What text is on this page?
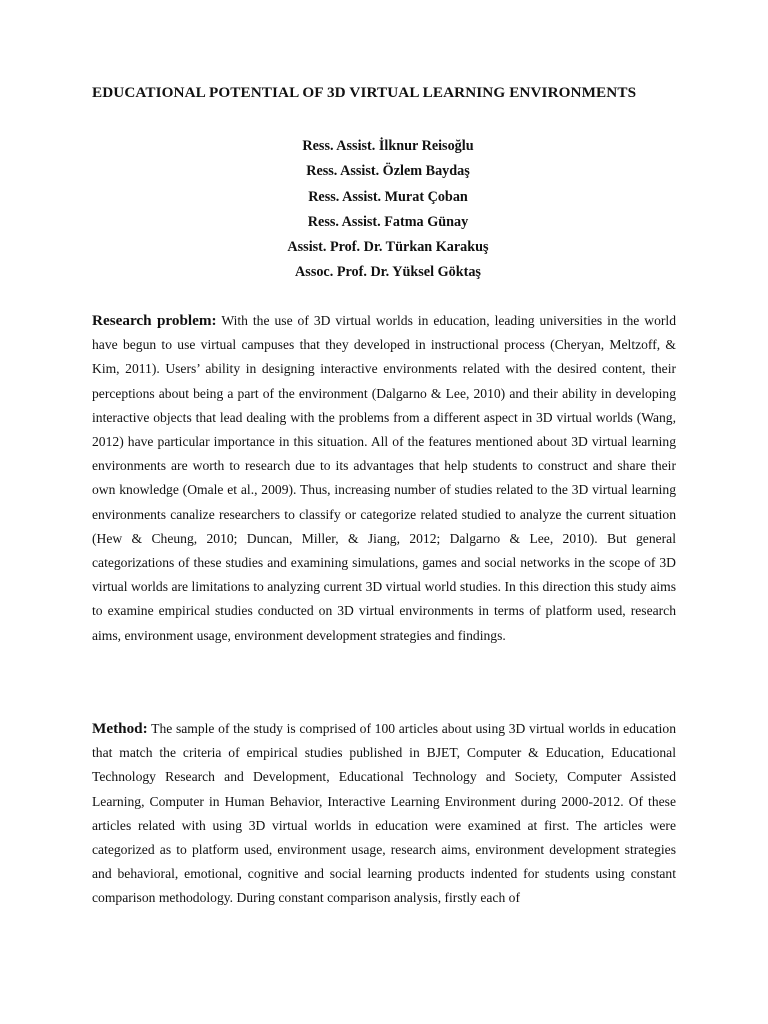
EDUCATIONAL POTENTIAL OF 3D VIRTUAL LEARNING ENVIRONMENTS
Ress. Assist. İlknur Reisoğlu
Ress. Assist. Özlem Baydaş
Ress. Assist. Murat Çoban
Ress. Assist. Fatma Günay
Assist. Prof. Dr. Türkan Karakuş
Assoc. Prof. Dr. Yüksel Göktaş

Research problem: With the use of 3D virtual worlds in education, leading universities in the world have begun to use virtual campuses that they developed in instructional process (Cheryan, Meltzoff, & Kim, 2011). Users’ ability in designing interactive environments related with the desired content, their perceptions about being a part of the environment (Dalgarno & Lee, 2010) and their ability in developing interactive objects that lead dealing with the problems from a different aspect in 3D virtual worlds (Wang, 2012) have particular importance in this situation. All of the features mentioned about 3D virtual learning environments are worth to research due to its advantages that help students to construct and share their own knowledge (Omale et al., 2009). Thus, increasing number of studies related to the 3D virtual learning environments canalize researchers to classify or categorize related studied to analyze the current situation (Hew & Cheung, 2010; Duncan, Miller, & Jiang, 2012; Dalgarno & Lee, 2010). But general categorizations of these studies and examining simulations, games and social networks in the scope of 3D virtual worlds are limitations to analyzing current 3D virtual world studies. In this direction this study aims to examine empirical studies conducted on 3D virtual environments in terms of platform used, research aims, environment usage, environment development strategies and findings.

Method: The sample of the study is comprised of 100 articles about using 3D virtual worlds in education that match the criteria of empirical studies published in BJET, Computer & Education, Educational Technology Research and Development, Educational Technology and Society, Computer Assisted Learning, Computer in Human Behavior, Interactive Learning Environment during 2000-2012. Of these articles related with using 3D virtual worlds in education were examined at first. The articles were categorized as to platform used, environment usage, research aims, environment development strategies and behavioral, emotional, cognitive and social learning products indented for students using constant comparison methodology. During constant comparison analysis, firstly each of
